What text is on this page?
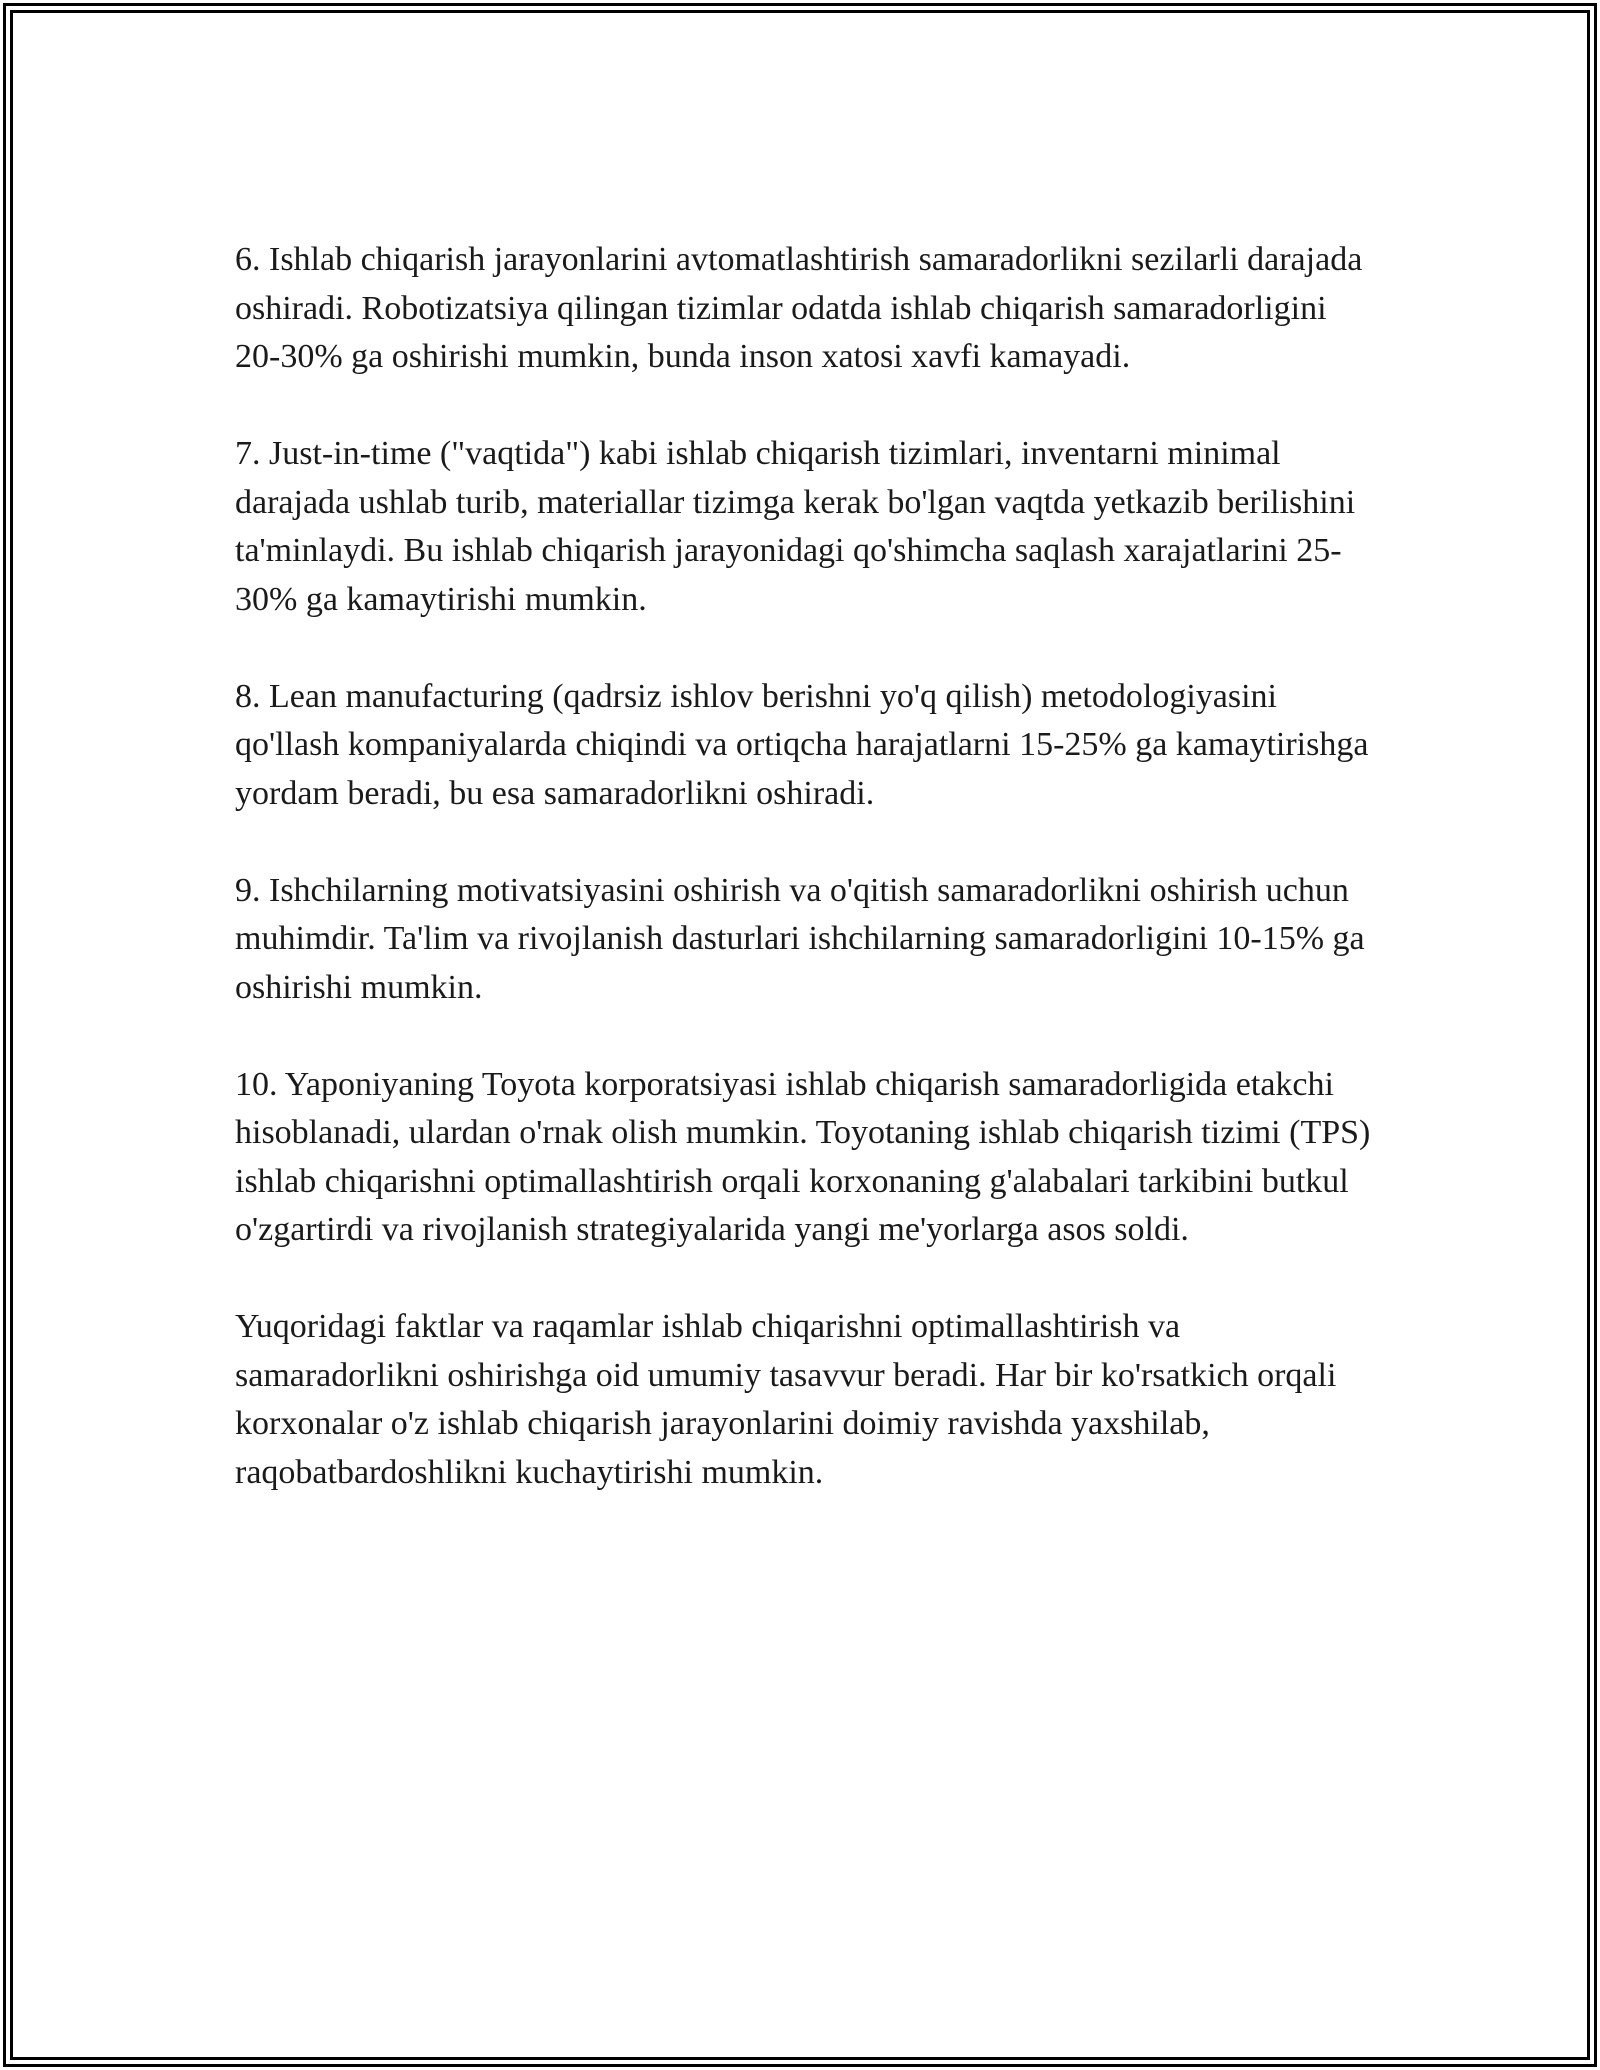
6. Ishlab chiqarish jarayonlarini avtomatlashtirish samaradorlikni sezilarli darajada oshiradi. Robotizatsiya qilingan tizimlar odatda ishlab chiqarish samaradorligini 20-30% ga oshirishi mumkin, bunda inson xatosi xavfi kamayadi.

7. Just-in-time ("vaqtida") kabi ishlab chiqarish tizimlari, inventarni minimal darajada ushlab turib, materiallar tizimga kerak bo'lgan vaqtda yetkazib berilishini ta'minlaydi. Bu ishlab chiqarish jarayonidagi qo'shimcha saqlash xarajatlarini 25-30% ga kamaytirishi mumkin.

8. Lean manufacturing (qadrsiz ishlov berishni yo'q qilish) metodologiyasini qo'llash kompaniyalarda chiqindi va ortiqcha harajatlarni 15-25% ga kamaytirishga yordam beradi, bu esa samaradorlikni oshiradi.

9. Ishchilarning motivatsiyasini oshirish va o'qitish samaradorlikni oshirish uchun muhimdir. Ta'lim va rivojlanish dasturlari ishchilarning samaradorligini 10-15% ga oshirishi mumkin.

10. Yaponiyaning Toyota korporatsiyasi ishlab chiqarish samaradorligida etakchi hisoblanadi, ulardan o'rnak olish mumkin. Toyotaning ishlab chiqarish tizimi (TPS) ishlab chiqarishni optimallashtirish orqali korxonaning g'alabalari tarkibini butkul o'zgartirdi va rivojlanish strategiyalarida yangi me'yorlarga asos soldi.

Yuqoridagi faktlar va raqamlar ishlab chiqarishni optimallashtirish va samaradorlikni oshirishga oid umumiy tasavvur beradi. Har bir ko'rsatkich orqali korxonalar o'z ishlab chiqarish jarayonlarini doimiy ravishda yaxshilab, raqobatbardoshlikni kuchaytirishi mumkin.
